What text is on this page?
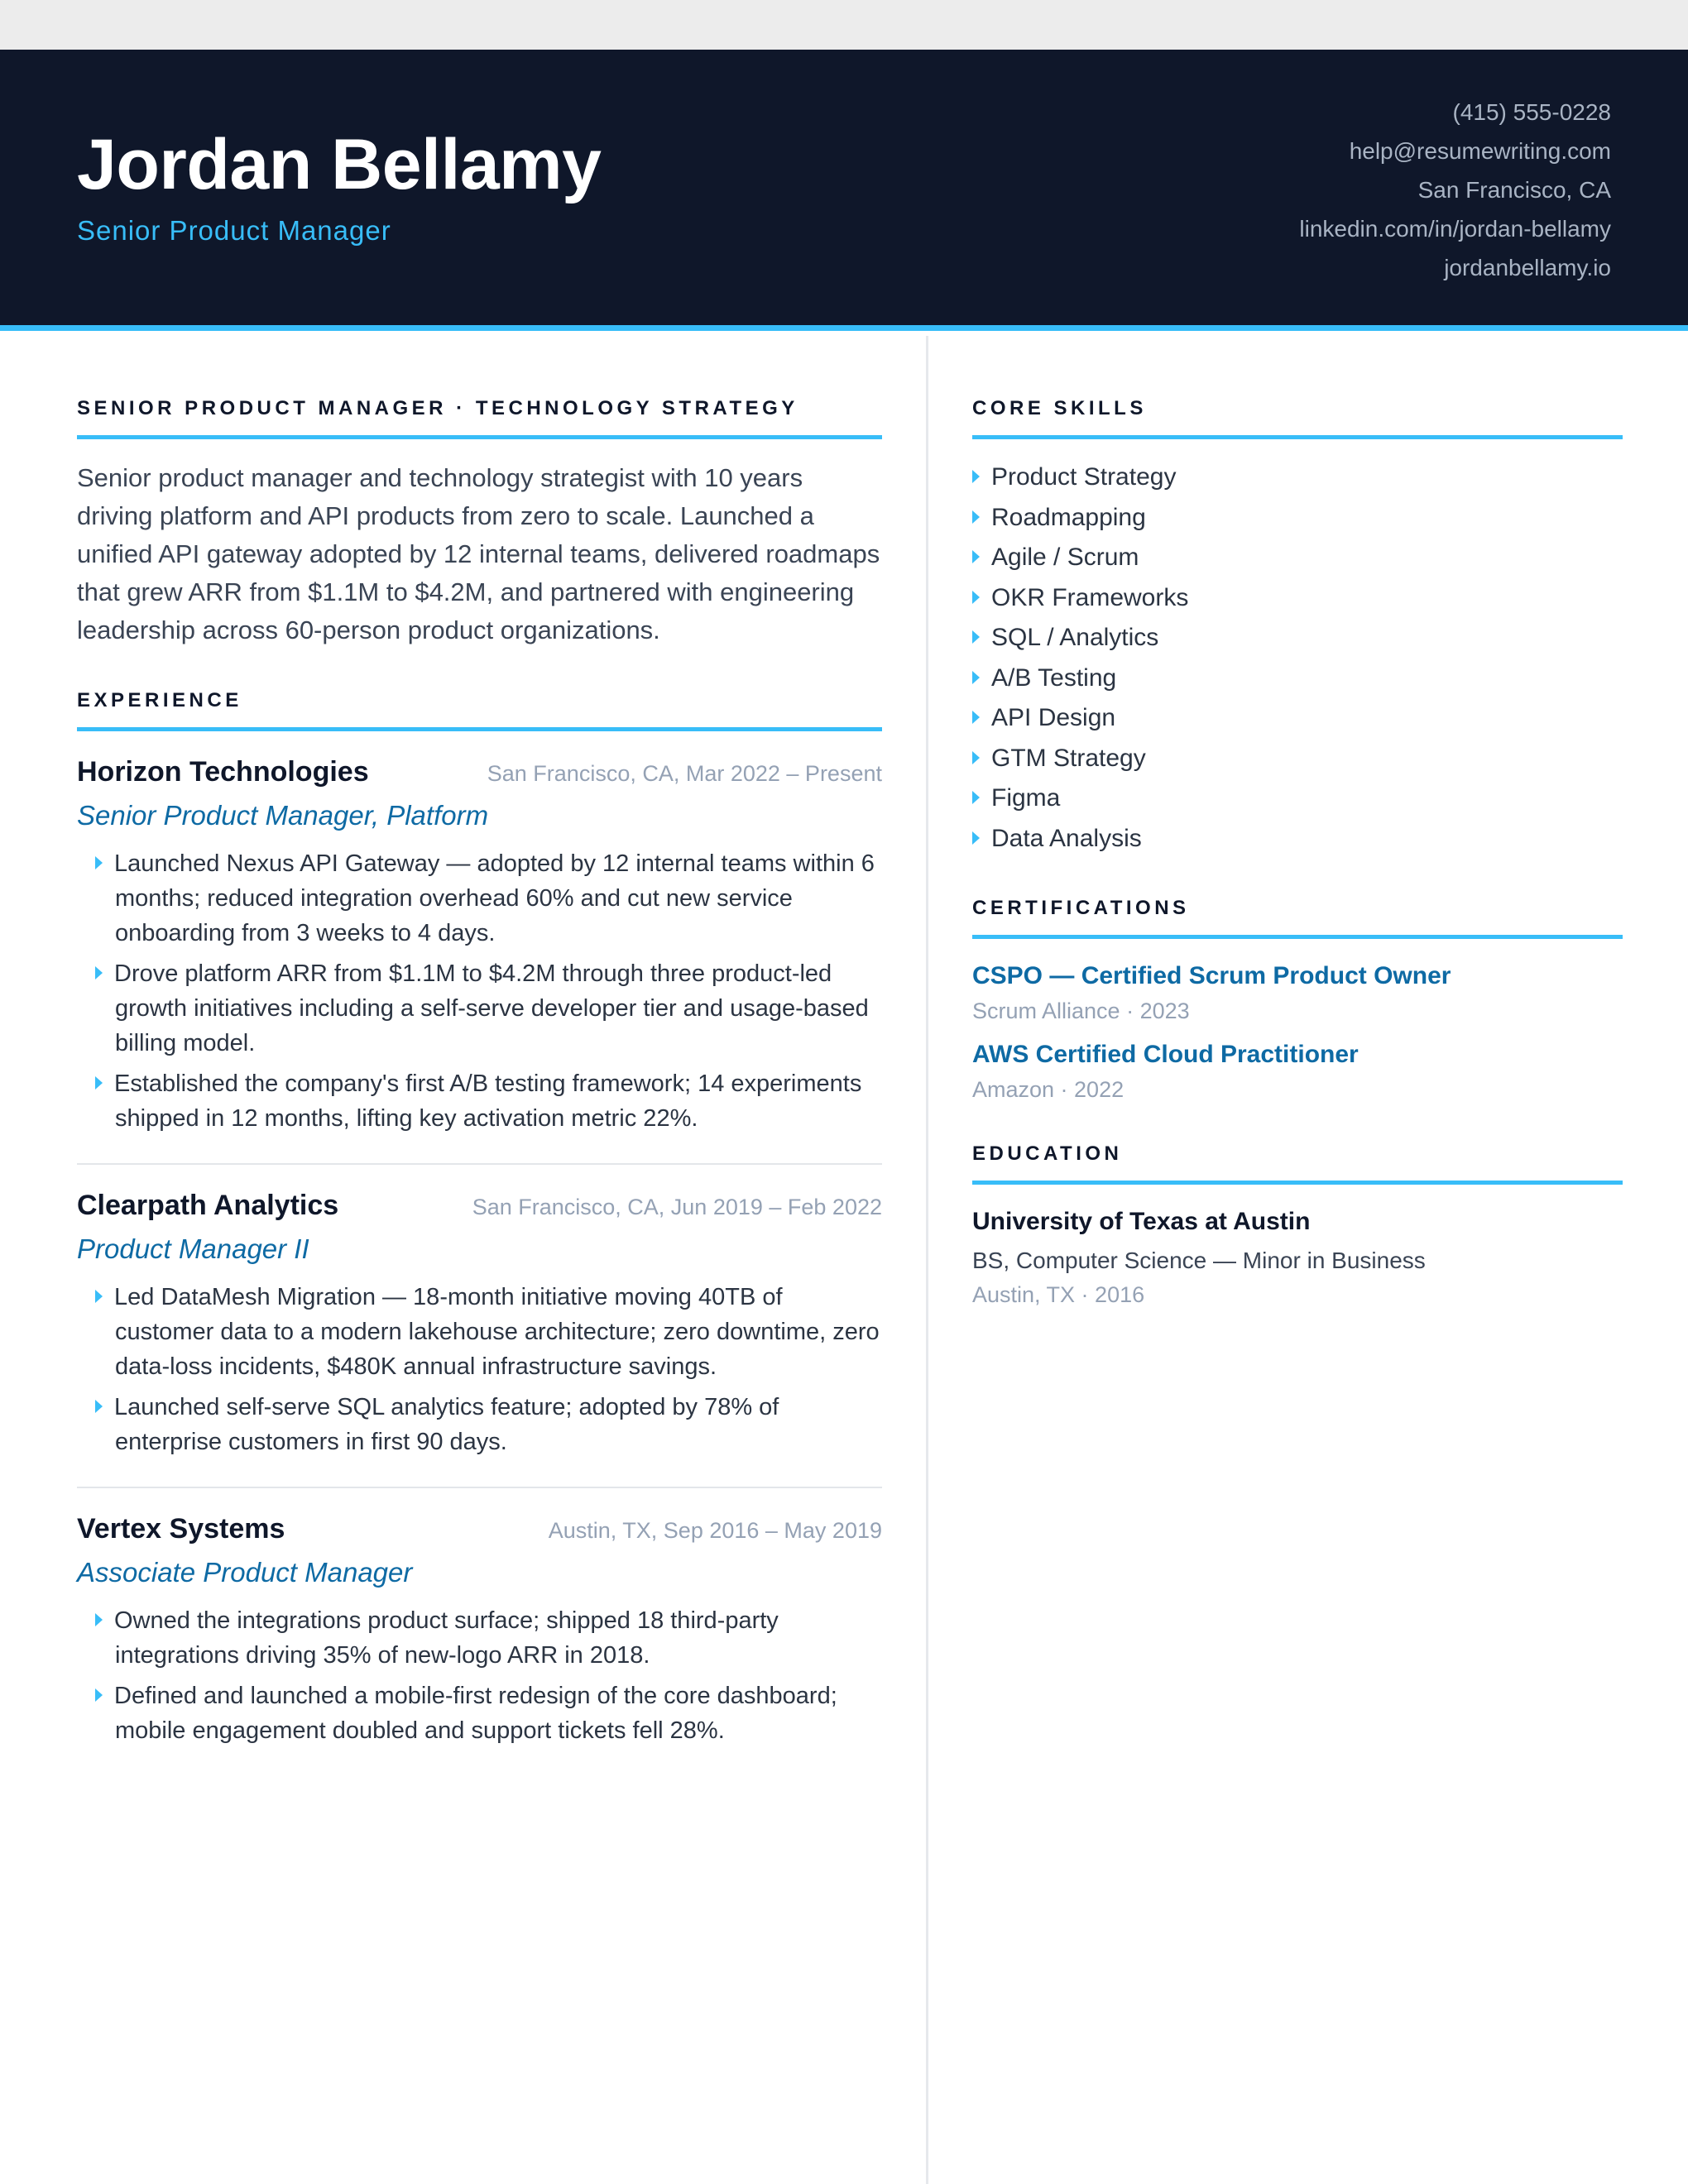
Jordan Bellamy
Senior Product Manager
(415) 555-0228
help@resumewriting.com
San Francisco, CA
linkedin.com/in/jordan-bellamy
jordanbellamy.io
SENIOR PRODUCT MANAGER · TECHNOLOGY STRATEGY

Senior product manager and technology strategist with 10 years driving platform and API products from zero to scale. Launched a unified API gateway adopted by 12 internal teams, delivered roadmaps that grew ARR from $1.1M to $4.2M, and partnered with engineering leadership across 60-person product organizations.

EXPERIENCE
Horizon Technologies	San Francisco, CA, Mar 2022 – Present
Senior Product Manager, Platform
Launched Nexus API Gateway — adopted by 12 internal teams within 6 months; reduced integration overhead 60% and cut new service onboarding from 3 weeks to 4 days.
Drove platform ARR from $1.1M to $4.2M through three product-led growth initiatives including a self-serve developer tier and usage-based billing model.
Established the company's first A/B testing framework; 14 experiments shipped in 12 months, lifting key activation metric 22%.
Clearpath Analytics	San Francisco, CA, Jun 2019 – Feb 2022
Product Manager II
Led DataMesh Migration — 18-month initiative moving 40TB of customer data to a modern lakehouse architecture; zero downtime, zero data-loss incidents, $480K annual infrastructure savings.
Launched self-serve SQL analytics feature; adopted by 78% of enterprise customers in first 90 days.
Vertex Systems	Austin, TX, Sep 2016 – May 2019
Associate Product Manager
Owned the integrations product surface; shipped 18 third-party integrations driving 35% of new-logo ARR in 2018.
Defined and launched a mobile-first redesign of the core dashboard; mobile engagement doubled and support tickets fell 28%.
CORE SKILLS
Product Strategy
Roadmapping
Agile / Scrum
OKR Frameworks
SQL / Analytics
A/B Testing
API Design
GTM Strategy
Figma
Data Analysis
CERTIFICATIONS
CSPO — Certified Scrum Product Owner
Scrum Alliance · 2023
AWS Certified Cloud Practitioner
Amazon · 2022
EDUCATION
University of Texas at Austin
BS, Computer Science — Minor in Business
Austin, TX · 2016
